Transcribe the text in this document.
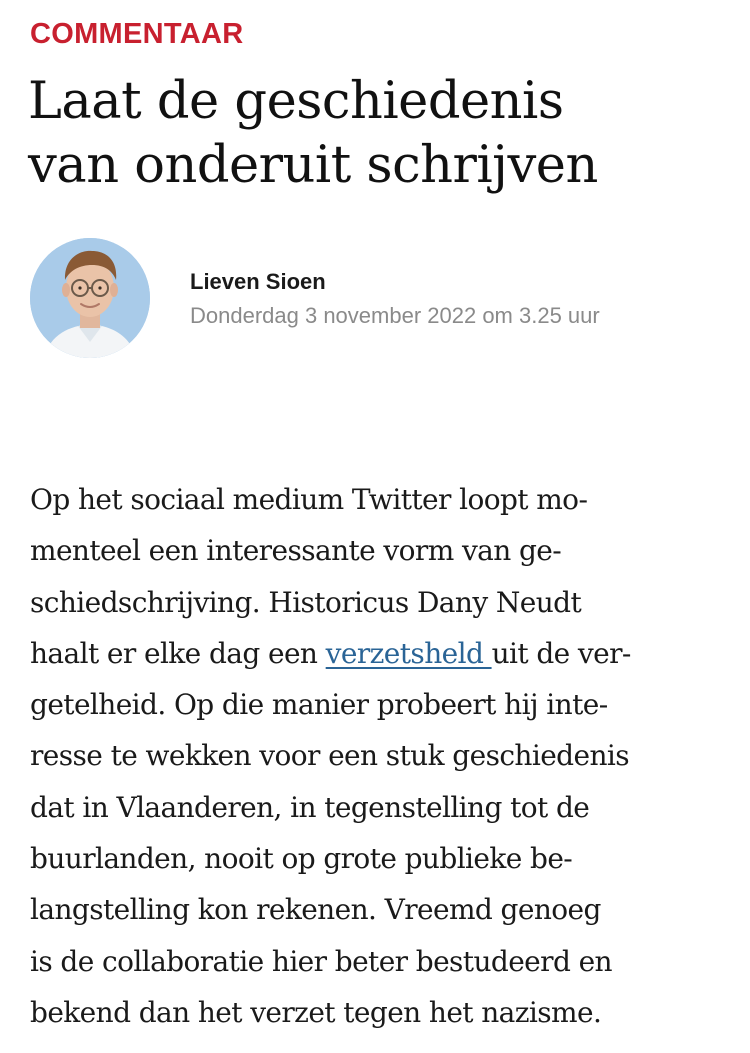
COMMENTAAR
Laat de geschiedenis
van onderuit schrijven
Lieven Sioen
Donderdag 3 november 2022 om 3.25 uur

Op het sociaal medium Twitter loopt mo-
menteel een interessante vorm van ge-
schiedschrijving. Historicus Dany Neudt
haalt er elke dag een verzetsheld uit de ver-
getelheid. Op die manier probeert hij inte-
resse te wekken voor een stuk geschiedenis
dat in Vlaanderen, in tegenstelling tot de
buurlanden, nooit op grote publieke be-
langstelling kon rekenen. Vreemd genoeg
is de collaboratie hier beter bestudeerd en
bekend dan het verzet tegen het nazisme.
